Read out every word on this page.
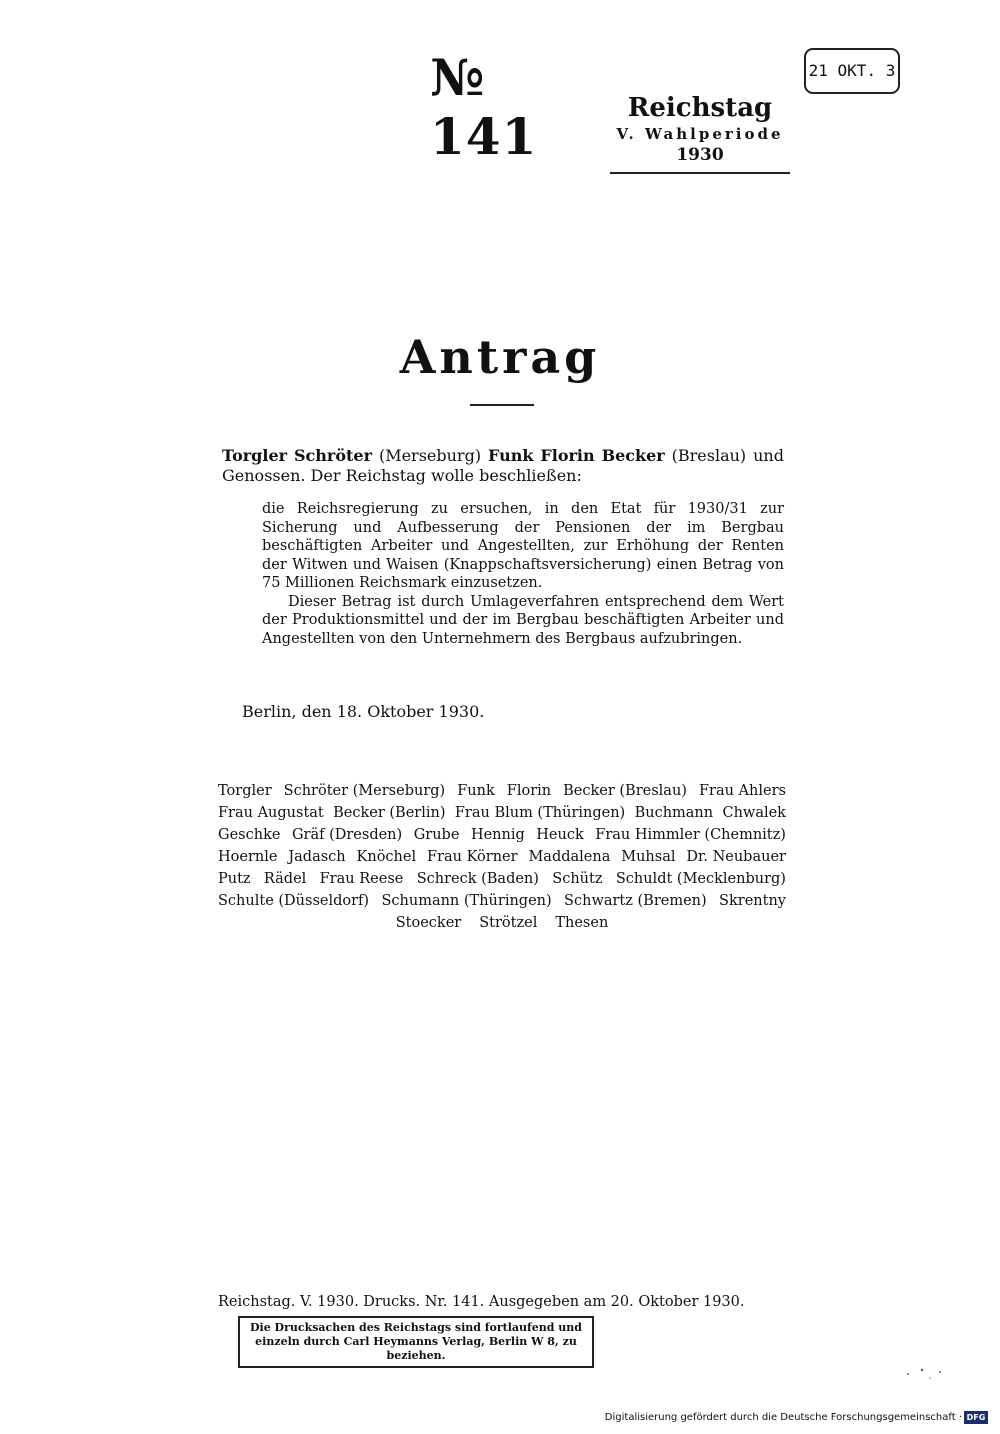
№ 141
21 OKT. 3
Reichstag
V. Wahlperiode
1930
Antrag
Torgler Schröter (Merseburg) Funk Florin Becker (Breslau) und Genossen. Der Reichstag wolle beschließen:

die Reichsregierung zu ersuchen, in den Etat für 1930/31 zur Sicherung und Aufbesserung der Pensionen der im Bergbau beschäftigten Arbeiter und Angestellten, zur Erhöhung der Renten der Witwen und Waisen (Knappschaftsversicherung) einen Betrag von 75 Millionen Reichsmark einzusetzen.

Dieser Betrag ist durch Umlageverfahren entsprechend dem Wert der Produktionsmittel und der im Bergbau beschäftigten Arbeiter und Angestellten von den Unternehmern des Bergbaus aufzubringen.

Berlin, den 18. Oktober 1930.
Torgler Schröter (Merseburg) Funk Florin Becker (Breslau) Frau Ahlers
Frau Augustat Becker (Berlin) Frau Blum (Thüringen) Buchmann Chwalek
Geschke Gräf (Dresden) Grube Hennig Heuck Frau Himmler (Chemnitz)
Hoernle Jadasch Knöchel Frau Körner Maddalena Muhsal Dr. Neubauer
Putz Rädel Frau Reese Schreck (Baden) Schütz Schuldt (Mecklenburg)
Schulte (Düsseldorf) Schumann (Thüringen) Schwartz (Bremen) Skrentny
Stoecker Strötzel Thesen
Reichstag. V. 1930. Drucks. Nr. 141. Ausgegeben am 20. Oktober 1930.
Die Drucksachen des Reichstags sind fortlaufend und einzeln durch Carl Heymanns Verlag, Berlin W 8, zu beziehen.
Digitalisierung gefördert durch die Deutsche Forschungsgemeinschaft · DFG
